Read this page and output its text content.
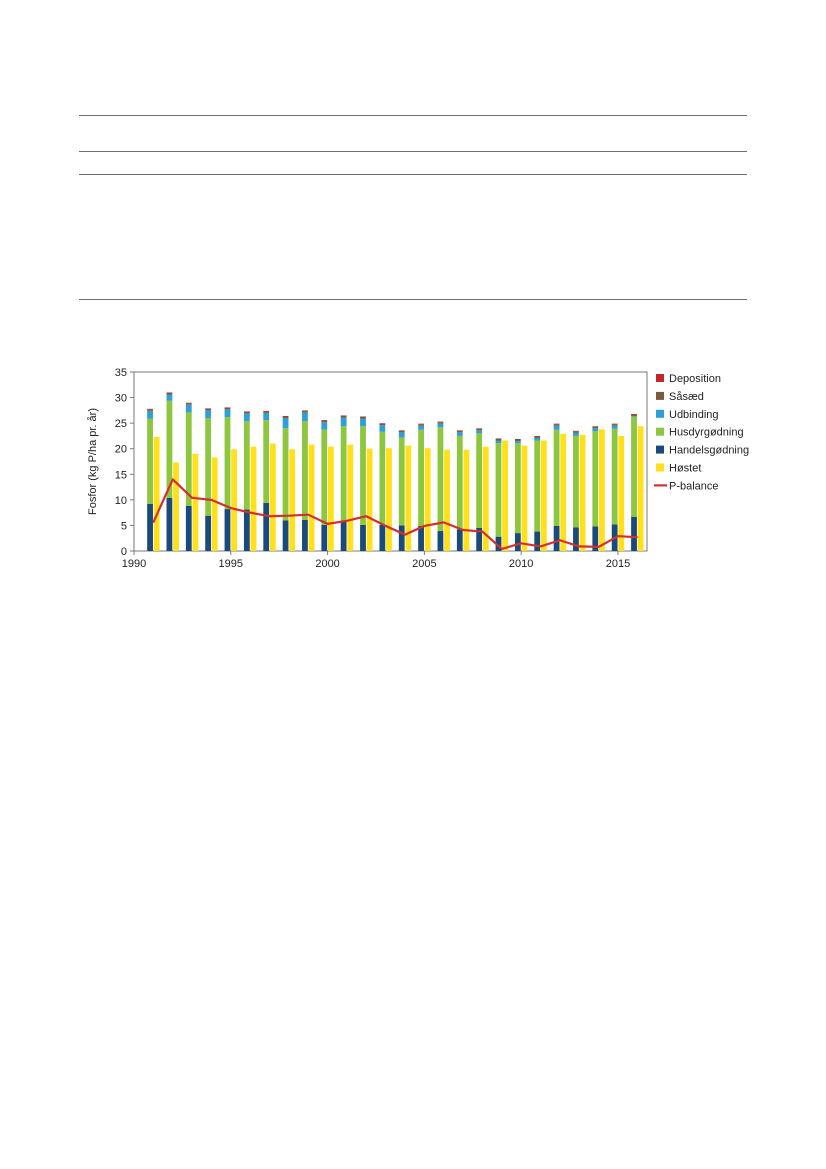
0
5
10
15
20
25
30
35
1990	1995	2000	2005	2010	2015
Deposition
Såsæd
Udbinding
Husdyrgødning
Handelsgødning
Høstet
P-balance
Fosfor (kg P/ha pr. år)
